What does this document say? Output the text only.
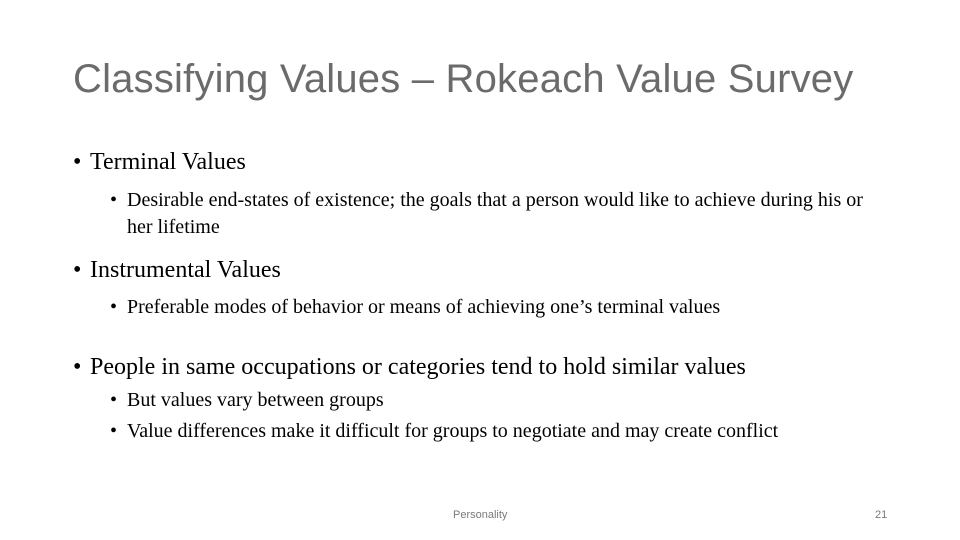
Classifying Values – Rokeach Value Survey
• Terminal Values
• Desirable end-states of existence; the goals that a person would like to achieve during his or her lifetime
• Instrumental Values
• Preferable modes of behavior or means of achieving one’s terminal values
• People in same occupations or categories tend to hold similar values
• But values vary between groups
• Value differences make it difficult for groups to negotiate and may create conflict
Personality	21
